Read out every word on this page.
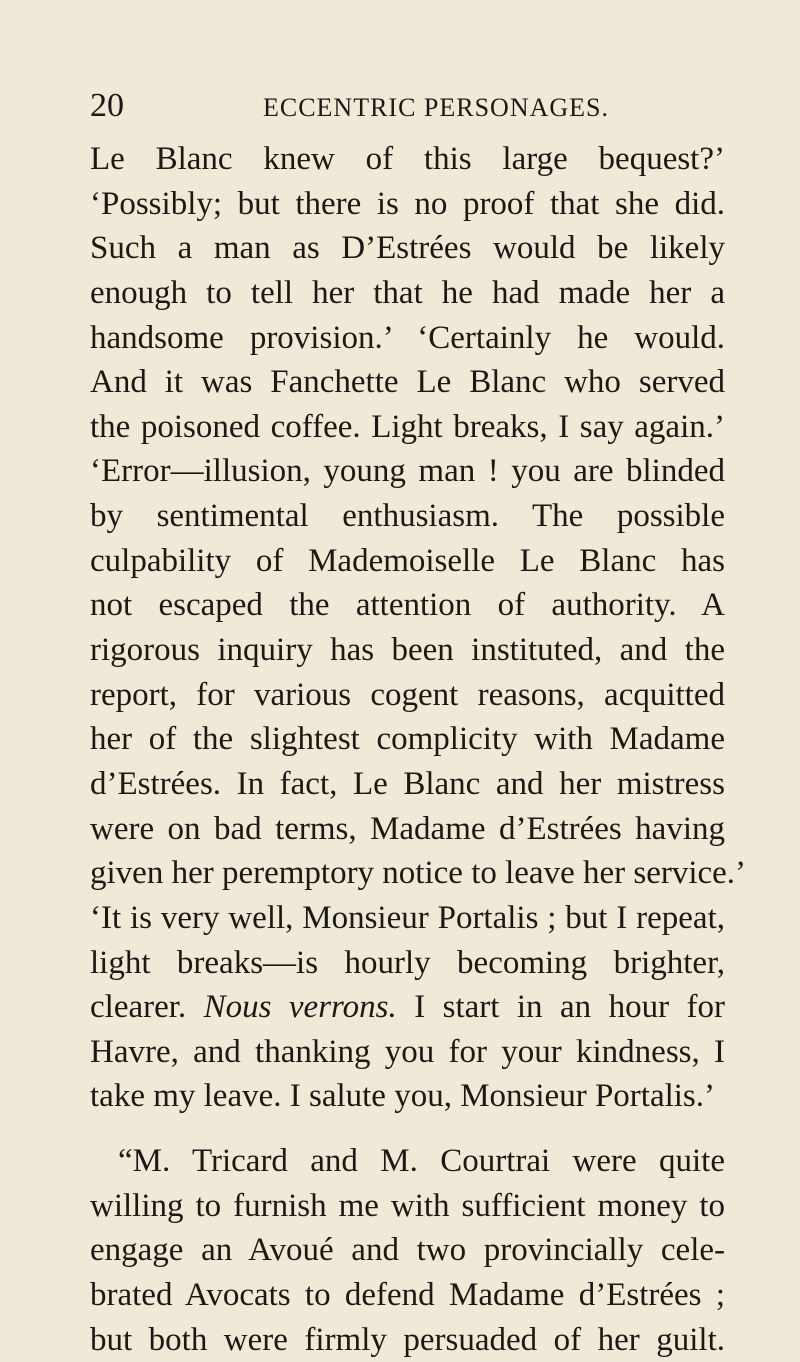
20	ECCENTRIC PERSONAGES.
Le Blanc knew of this large bequest?’
‘Possibly; but there is no proof that she did.
Such a man as D’Estrées would be likely
enough to tell her that he had made her a
handsome provision.’ ‘Certainly he would.
And it was Fanchette Le Blanc who served
the poisoned coffee. Light breaks, I say again.’
‘Error—illusion, young man ! you are blinded
by sentimental enthusiasm. The possible
culpability of Mademoiselle Le Blanc has
not escaped the attention of authority. A
rigorous inquiry has been instituted, and the
report, for various cogent reasons, acquitted
her of the slightest complicity with Madame
d’Estrées. In fact, Le Blanc and her mistress
were on bad terms, Madame d’Estrées having
given her peremptory notice to leave her service.’
‘It is very well, Monsieur Portalis ; but I repeat,
light breaks—is hourly becoming brighter,
clearer. Nous verrons. I start in an hour for
Havre, and thanking you for your kindness, I
take my leave. I salute you, Monsieur Portalis.’
“M. Tricard and M. Courtrai were quite
willing to furnish me with sufficient money to
engage an Avoué and two provincially cele-
brated Avocats to defend Madame d’Estrées ;
but both were firmly persuaded of her guilt.
